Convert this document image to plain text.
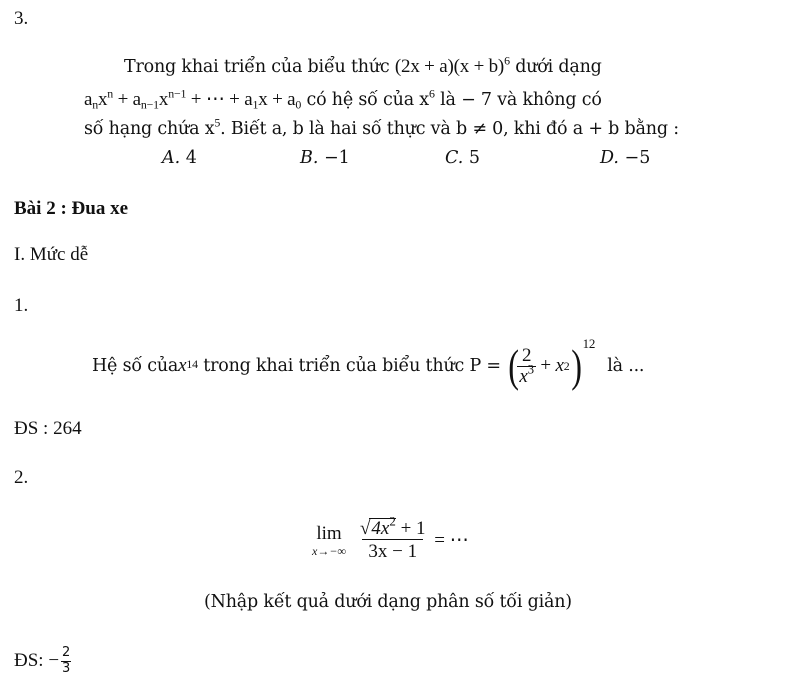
3.
Trong khai triển của biểu thức $(2x + a)(x + b)^6$ dưới dạng
$a_nx^n + a_{n-1}x^{n-1}$ + ⋯ + $a_1x + a_0$ có hệ số của $x^6$ là − 7 và không có
số hạng chứa $x^5$. Biết a, b là hai số thực và b ≠ 0, khi đó a + b bằng :
A. 4	B. −1	C. 5	D. −5
Bài 2 : Đua xe
I. Mức dễ
1.
Hệ số của $x^{14}$ trong khai triển của biểu thức P = (
$\frac{2}{x^3} + x$ 2 ) 12
là ...
ĐS : 264
2.
lim
$x\to-\infty \frac{√4x^2 + 1}{3x - 1}$ = ⋯
(Nhập kết quả dưới dạng phân số tối giản)
ĐS: − $\frac{2}{3}$
